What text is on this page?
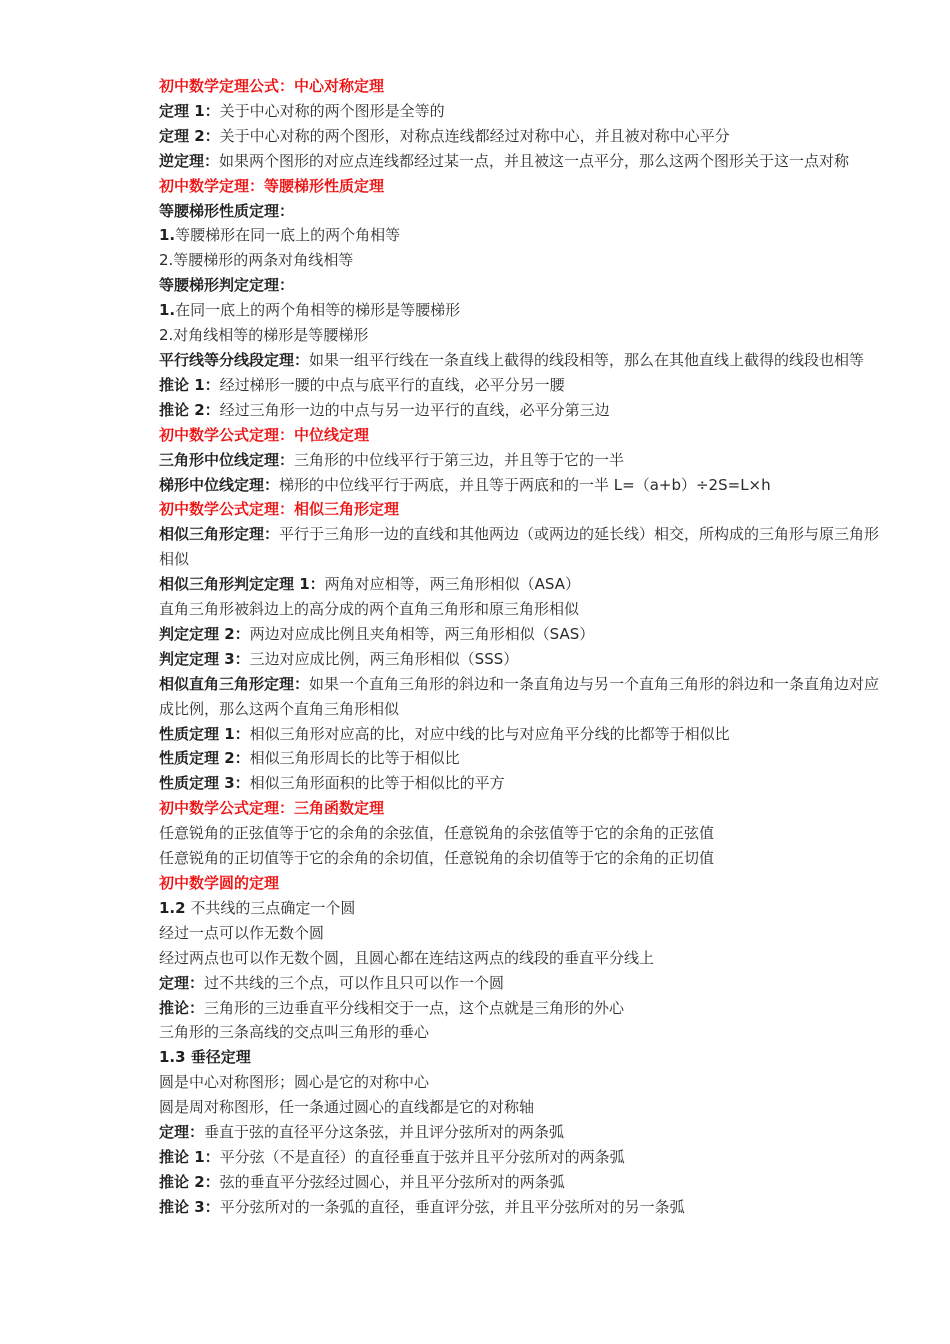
初中数学定理公式：中心对称定理
定理 1：关于中心对称的两个图形是全等的
定理 2：关于中心对称的两个图形，对称点连线都经过对称中心，并且被对称中心平分
逆定理：如果两个图形的对应点连线都经过某一点，并且被这一点平分，那么这两个图形关于这一点对称
初中数学定理：等腰梯形性质定理
等腰梯形性质定理：
1.等腰梯形在同一底上的两个角相等
2.等腰梯形的两条对角线相等
等腰梯形判定定理：
1.在同一底上的两个角相等的梯形是等腰梯形
2.对角线相等的梯形是等腰梯形
平行线等分线段定理：如果一组平行线在一条直线上截得的线段相等，那么在其他直线上截得的线段也相等
推论 1：经过梯形一腰的中点与底平行的直线，必平分另一腰
推论 2：经过三角形一边的中点与另一边平行的直线，必平分第三边
初中数学公式定理：中位线定理
三角形中位线定理：三角形的中位线平行于第三边，并且等于它的一半
梯形中位线定理：梯形的中位线平行于两底，并且等于两底和的一半 L=（a+b）÷2S=L×h
初中数学公式定理：相似三角形定理
相似三角形定理：平行于三角形一边的直线和其他两边（或两边的延长线）相交，所构成的三角形与原三角形相似
相似三角形判定定理 1：两角对应相等，两三角形相似（ASA）
直角三角形被斜边上的高分成的两个直角三角形和原三角形相似
判定定理 2：两边对应成比例且夹角相等，两三角形相似（SAS）
判定定理 3：三边对应成比例，两三角形相似（SSS）
相似直角三角形定理：如果一个直角三角形的斜边和一条直角边与另一个直角三角形的斜边和一条直角边对应成比例，那么这两个直角三角形相似
性质定理 1：相似三角形对应高的比，对应中线的比与对应角平分线的比都等于相似比
性质定理 2：相似三角形周长的比等于相似比
性质定理 3：相似三角形面积的比等于相似比的平方
初中数学公式定理：三角函数定理
任意锐角的正弦值等于它的余角的余弦值，任意锐角的余弦值等于它的余角的正弦值
任意锐角的正切值等于它的余角的余切值，任意锐角的余切值等于它的余角的正切值
初中数学圆的定理
1.2 不共线的三点确定一个圆
经过一点可以作无数个圆
经过两点也可以作无数个圆，且圆心都在连结这两点的线段的垂直平分线上
定理：过不共线的三个点，可以作且只可以作一个圆
推论：三角形的三边垂直平分线相交于一点，这个点就是三角形的外心
三角形的三条高线的交点叫三角形的垂心
1.3 垂径定理
圆是中心对称图形；圆心是它的对称中心
圆是周对称图形，任一条通过圆心的直线都是它的对称轴
定理：垂直于弦的直径平分这条弦，并且评分弦所对的两条弧
推论 1：平分弦（不是直径）的直径垂直于弦并且平分弦所对的两条弧
推论 2：弦的垂直平分弦经过圆心，并且平分弦所对的两条弧
推论 3：平分弦所对的一条弧的直径，垂直评分弦，并且平分弦所对的另一条弧
